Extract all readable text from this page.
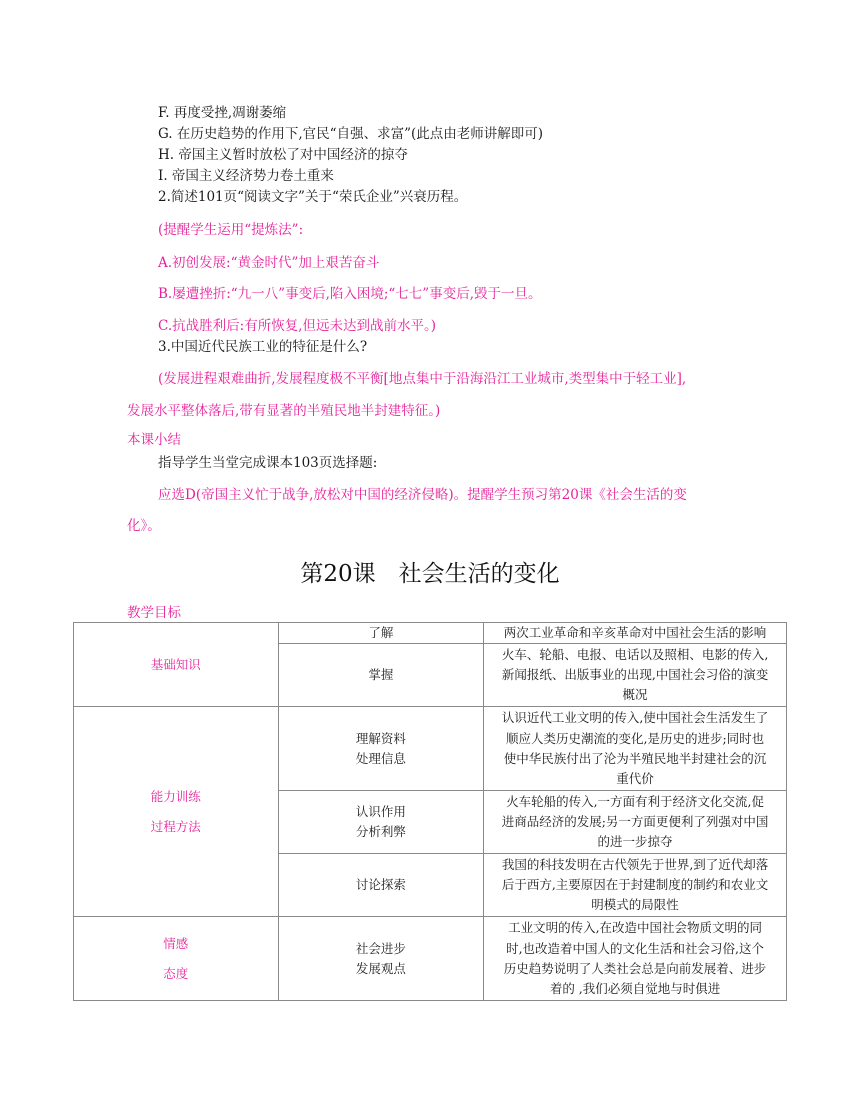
F. 再度受挫,凋谢萎缩
G. 在历史趋势的作用下,官民“自强、求富”(此点由老师讲解即可)
H. 帝国主义暂时放松了对中国经济的掠夺
I. 帝国主义经济势力卷土重来
2.简述101页“阅读文字”关于“荣氏企业”兴衰历程。
(提醒学生运用“提炼法”:
A.初创发展:“黄金时代”加上艰苦奋斗
B.屡遭挫折:“九一八”事变后,陷入困境;“七七”事变后,毁于一旦。
C.抗战胜利后:有所恢复,但远未达到战前水平。)
3.中国近代民族工业的特征是什么?
(发展进程艰难曲折,发展程度极不平衡[地点集中于沿海沿江工业城市,类型集中于轻工业],
发展水平整体落后,带有显著的半殖民地半封建特征。)
本课小结
指导学生当堂完成课本103页选择题:
应选D(帝国主义忙于战争,放松对中国的经济侵略)。提醒学生预习第20课《社会生活的变
化》。
第20课　社会生活的变化
教学目标
基础知识	了解	两次工业革命和辛亥革命对中国社会生活的影响

	掌握	火车、轮船、电报、电话以及照相、电影的传入,
新闻报纸、出版事业的出现,中国社会习俗的演变
概况

能力训练
过程方法	理解资料
处理信息	认识近代工业文明的传入,使中国社会生活发生了
顺应人类历史潮流的变化,是历史的进步;同时也
使中华民族付出了沦为半殖民地半封建社会的沉
重代价

	认识作用
分析利弊	火车轮船的传入,一方面有利于经济文化交流,促
进商品经济的发展;另一方面更便利了列强对中国
的进一步掠夺

	讨论探索	我国的科技发明在古代领先于世界,到了近代却落
后于西方,主要原因在于封建制度的制约和农业文
明模式的局限性

情感
态度	社会进步
发展观点	工业文明的传入,在改造中国社会物质文明的同
时,也改造着中国人的文化生活和社会习俗,这个
历史趋势说明了人类社会总是向前发展着、进步
着的 ,我们必须自觉地与时俱进
